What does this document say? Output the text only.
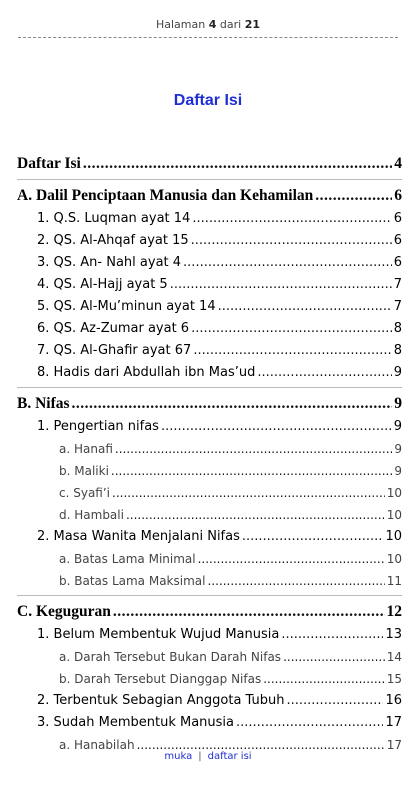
Halaman 4 dari 21
Daftar Isi
Daftar Isi .....	4
A. Dalil Penciptaan Manusia dan Kehamilan .....	6
1. Q.S. Luqman ayat 14 .....	6
2. QS. Al-Ahqaf ayat 15 .....	6
3. QS. An- Nahl ayat 4 .....	6
4. QS. Al-Hajj ayat 5 .....	7
5. QS. Al-Mu’minun ayat 14 .....	7
6. QS. Az-Zumar ayat 6 .....	8
7. QS. Al-Ghafir ayat 67 .....	8
8. Hadis dari Abdullah ibn Mas’ud .....	9
B. Nifas .....	9
1. Pengertian nifas .....	9
a. Hanafi .....	9
b. Maliki .....	9
c. Syafi’i .....	10
d. Hambali .....	10
2. Masa Wanita Menjalani Nifas .....	10
a. Batas Lama Minimal .....	10
b. Batas Lama Maksimal .....	11
C. Keguguran .....	12
1. Belum Membentuk Wujud Manusia .....	13
a. Darah Tersebut Bukan Darah Nifas .....	14
b. Darah Tersebut Dianggap Nifas .....	15
2. Terbentuk Sebagian Anggota Tubuh .....	16
3. Sudah Membentuk Manusia .....	17
a. Hanabilah .....	17
muka | daftar isi
